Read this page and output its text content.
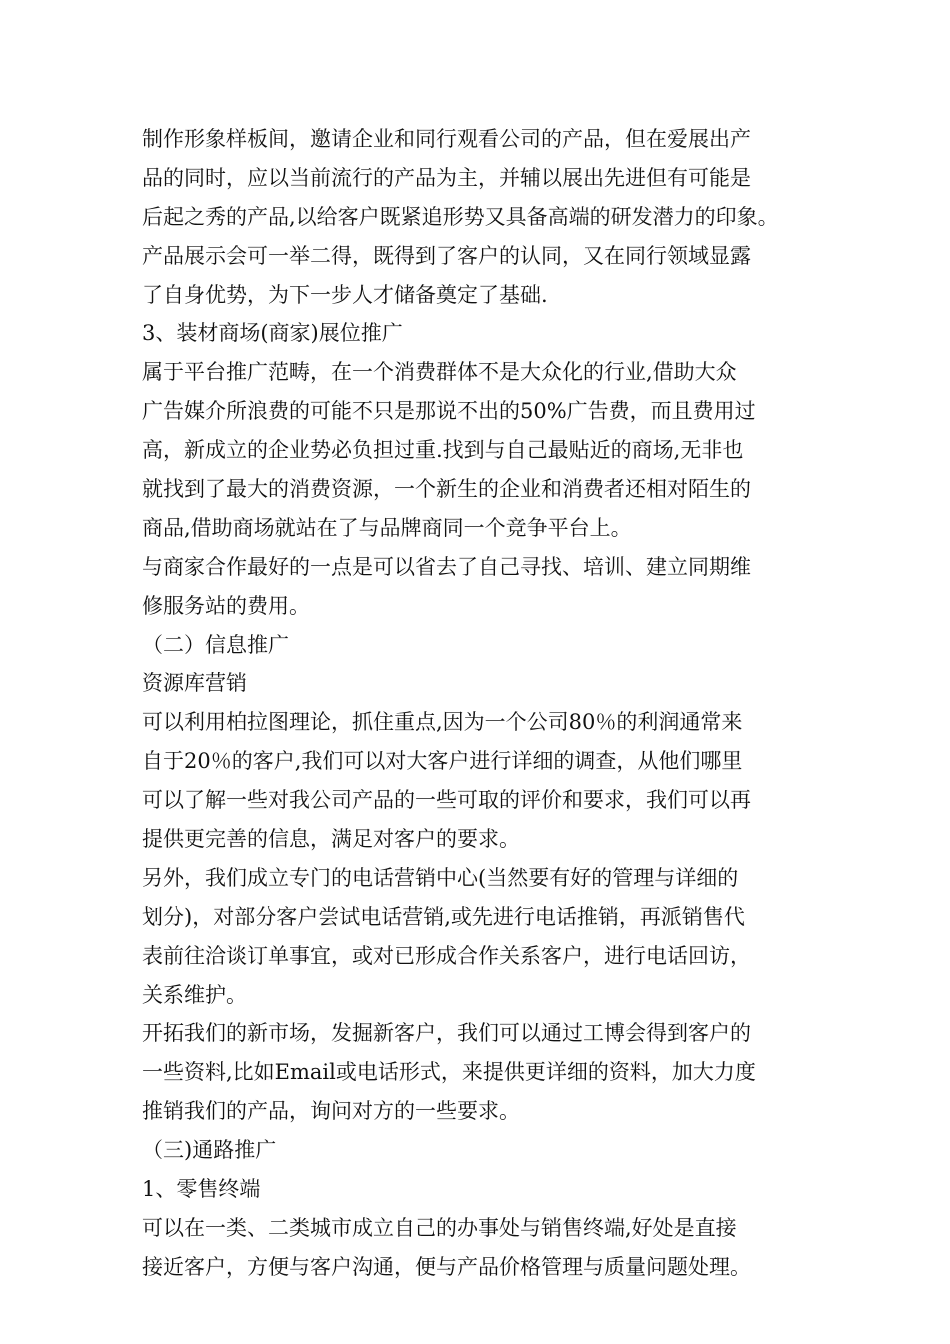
制作形象样板间，邀请企业和同行观看公司的产品，但在爱展出产
品的同时，应以当前流行的产品为主，并辅以展出先进但有可能是
后起之秀的产品,以给客户既紧追形势又具备高端的研发潜力的印象。
产品展示会可一举二得，既得到了客户的认同，又在同行领域显露
了自身优势，为下一步人才储备奠定了基础.
3、装材商场(商家)展位推广
属于平台推广范畴，在一个消费群体不是大众化的行业,借助大众
广告媒介所浪费的可能不只是那说不出的50%广告费，而且费用过
高，新成立的企业势必负担过重.找到与自己最贴近的商场,无非也
就找到了最大的消费资源，一个新生的企业和消费者还相对陌生的
商品,借助商场就站在了与品牌商同一个竞争平台上。
与商家合作最好的一点是可以省去了自己寻找、培训、建立同期维
修服务站的费用。
（二）信息推广
资源库营销
可以利用柏拉图理论，抓住重点,因为一个公司80％的利润通常来
自于20％的客户,我们可以对大客户进行详细的调查，从他们哪里
可以了解一些对我公司产品的一些可取的评价和要求，我们可以再
提供更完善的信息，满足对客户的要求。
另外，我们成立专门的电话营销中心(当然要有好的管理与详细的
划分)，对部分客户尝试电话营销,或先进行电话推销，再派销售代
表前往洽谈订单事宜，或对已形成合作关系客户，进行电话回访，
关系维护。
开拓我们的新市场，发掘新客户，我们可以通过工博会得到客户的
一些资料,比如Email或电话形式，来提供更详细的资料，加大力度
推销我们的产品，询问对方的一些要求。
（三)通路推广
1、零售终端
可以在一类、二类城市成立自己的办事处与销售终端,好处是直接
接近客户，方便与客户沟通，便与产品价格管理与质量问题处理。
